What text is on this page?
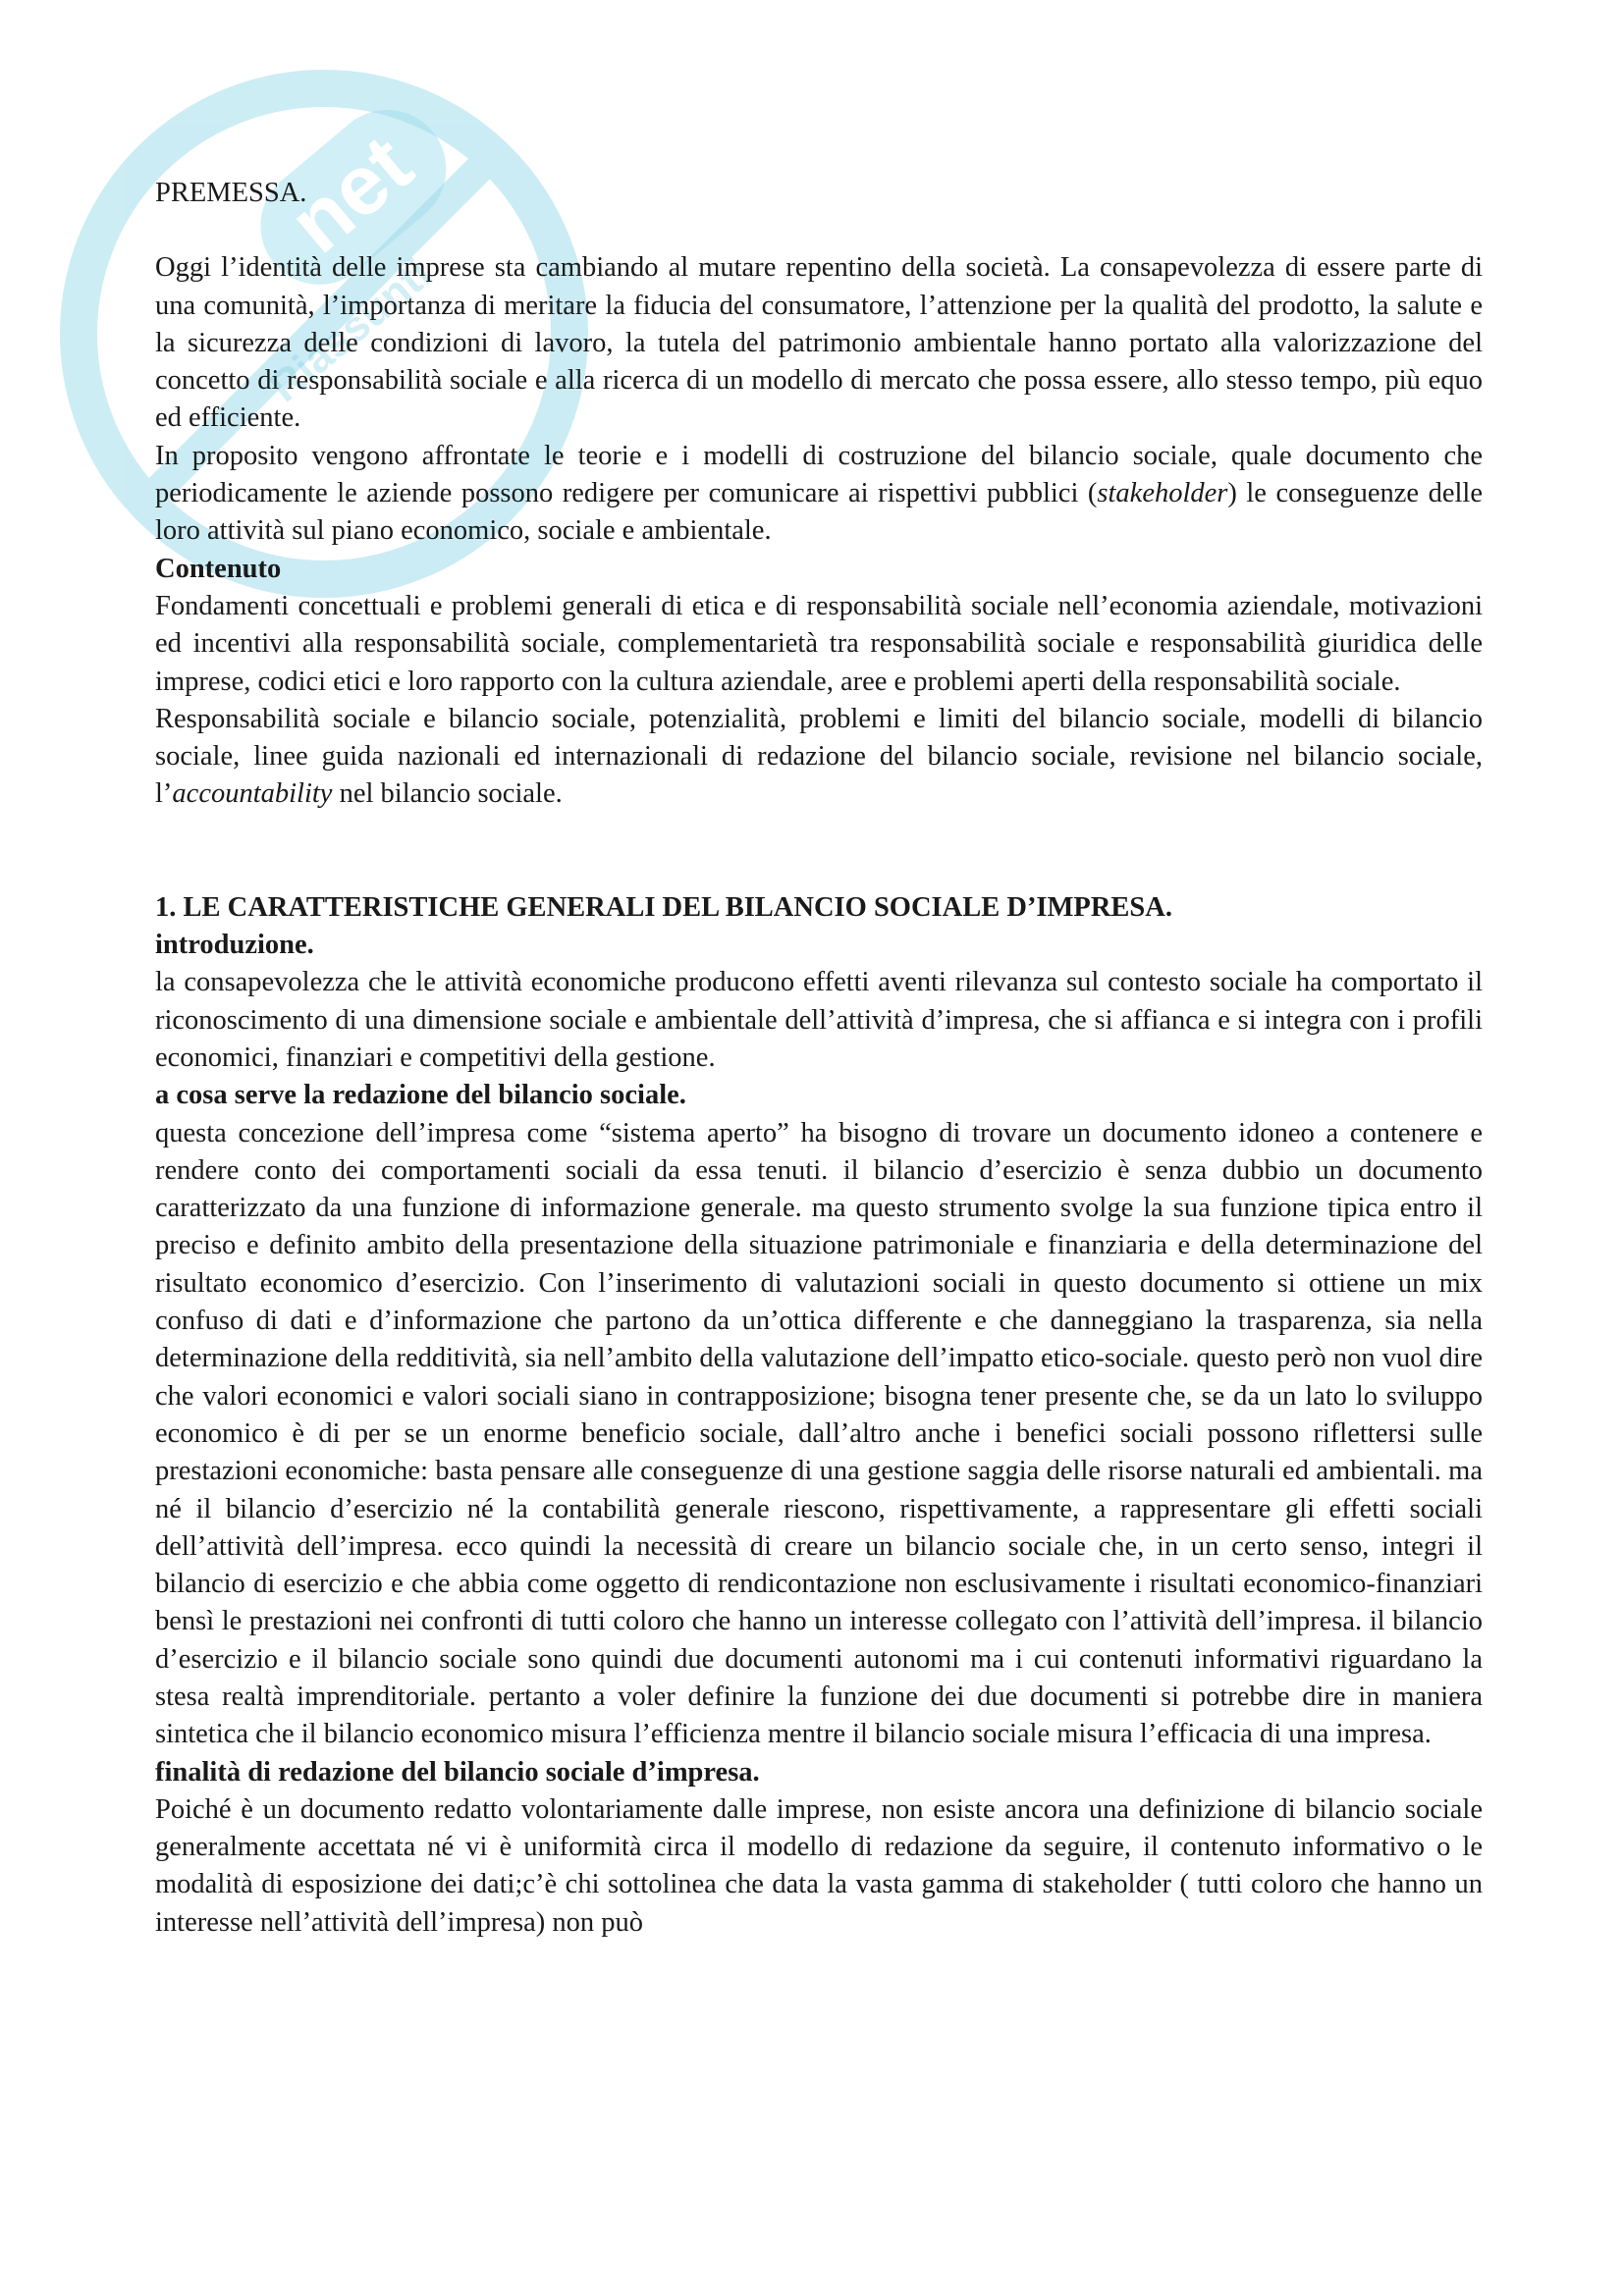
net
Riassunti

PREMESSA.

Oggi l’identità delle imprese sta cambiando al mutare repentino della società. La consapevolezza di essere parte di una comunità, l’importanza di meritare la fiducia del consumatore, l’attenzione per la qualità del prodotto, la salute e la sicurezza delle condizioni di lavoro, la tutela del patrimonio ambientale hanno portato alla valorizzazione del concetto di responsabilità sociale e alla ricerca di un modello di mercato che possa essere, allo stesso tempo, più equo ed efficiente.

In proposito vengono affrontate le teorie e i modelli di costruzione del bilancio sociale, quale documento che periodicamente le aziende possono redigere per comunicare ai rispettivi pubblici (stakeholder) le conseguenze delle loro attività sul piano economico, sociale e ambientale.

Contenuto

Fondamenti concettuali e problemi generali di etica e di responsabilità sociale nell’economia aziendale, motivazioni ed incentivi alla responsabilità sociale, complementarietà tra responsabilità sociale e responsabilità giuridica delle imprese, codici etici e loro rapporto con la cultura aziendale, aree e problemi aperti della responsabilità sociale.

Responsabilità sociale e bilancio sociale, potenzialità, problemi e limiti del bilancio sociale, modelli di bilancio sociale, linee guida nazionali ed internazionali di redazione del bilancio sociale, revisione nel bilancio sociale, l’accountability nel bilancio sociale.

1. LE CARATTERISTICHE GENERALI DEL BILANCIO SOCIALE D’IMPRESA.

introduzione.

la consapevolezza che le attività economiche producono effetti aventi rilevanza sul contesto sociale ha comportato il riconoscimento di una dimensione sociale e ambientale dell’attività d’impresa, che si affianca e si integra con i profili economici, finanziari e competitivi della gestione.

a cosa serve la redazione del bilancio sociale.

questa concezione dell’impresa come “sistema aperto” ha bisogno di trovare un documento idoneo a contenere e rendere conto dei comportamenti sociali da essa tenuti. il bilancio d’esercizio è senza dubbio un documento caratterizzato da una funzione di informazione generale. ma questo strumento svolge la sua funzione tipica entro il preciso e definito ambito della presentazione della situazione patrimoniale e finanziaria e della determinazione del risultato economico d’esercizio. Con l’inserimento di valutazioni sociali in questo documento si ottiene un mix confuso di dati e d’informazione che partono da un’ottica differente e che danneggiano la trasparenza, sia nella determinazione della redditività, sia nell’ambito della valutazione dell’impatto etico-sociale. questo però non vuol dire che valori economici e valori sociali siano in contrapposizione; bisogna tener presente che, se da un lato lo sviluppo economico è di per se un enorme beneficio sociale, dall’altro anche i benefici sociali possono riflettersi sulle prestazioni economiche: basta pensare alle conseguenze di una gestione saggia delle risorse naturali ed ambientali. ma né il bilancio d’esercizio né la contabilità generale riescono, rispettivamente, a rappresentare gli effetti sociali dell’attività dell’impresa. ecco quindi la necessità di creare un bilancio sociale che, in un certo senso, integri il bilancio di esercizio e che abbia come oggetto di rendicontazione non esclusivamente i risultati economico-finanziari bensì le prestazioni nei confronti di tutti coloro che hanno un interesse collegato con l’attività dell’impresa. il bilancio d’esercizio e il bilancio sociale sono quindi due documenti autonomi ma i cui contenuti informativi riguardano la stesa realtà imprenditoriale. pertanto a voler definire la funzione dei due documenti si potrebbe dire in maniera sintetica che il bilancio economico misura l’efficienza mentre il bilancio sociale misura l’efficacia di una impresa.

finalità di redazione del bilancio sociale d’impresa.

Poiché è un documento redatto volontariamente dalle imprese, non esiste ancora una definizione di bilancio sociale generalmente accettata né vi è uniformità circa il modello di redazione da seguire, il contenuto informativo o le modalità di esposizione dei dati;c’è chi sottolinea che data la vasta gamma di stakeholder ( tutti coloro che hanno un interesse nell’attività dell’impresa) non può
